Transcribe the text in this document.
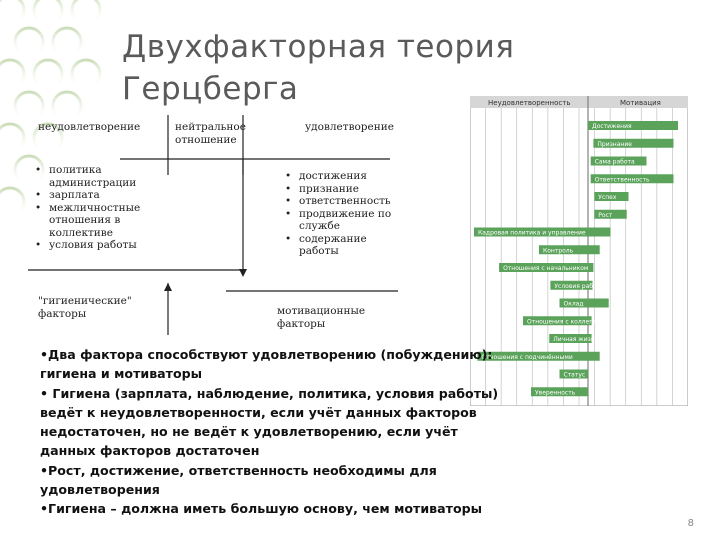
Двухфакторная теория
Герцберга
неудовлетворение	нейтральное
отношение
удовлетворение
• политика
администрации
• зарплата
• межличностные
отношения в
коллективе
• условия работы
• достижения
• признание
• ответственность
• продвижение по
службе
• содержание
работы
"гигиенические"
факторы	мотивационные
факторы
Неудовлетворенность	Мотивация
Достижения
Признание
Сама работа
Ответственность
Успех
Рост
Кадровая политика и управление
Контроль
Отношения с начальником
Условия работы
Оклад
Отношения с коллегами
Личная жизнь
Отношения с подчинёнными
Статус
Уверенность

•Два фактора способствуют удовлетворению (побуждению): гигиена и мотиваторы

• Гигиена (зарплата, наблюдение, политика, условия работы) ведёт к неудовлетворенности, если учёт данных факторов недостаточен, но не ведёт к удовлетворению, если учёт данных факторов достаточен

•Рост, достижение, ответственность необходимы для удовлетворения

•Гигиена – должна иметь большую основу, чем мотиваторы

8
